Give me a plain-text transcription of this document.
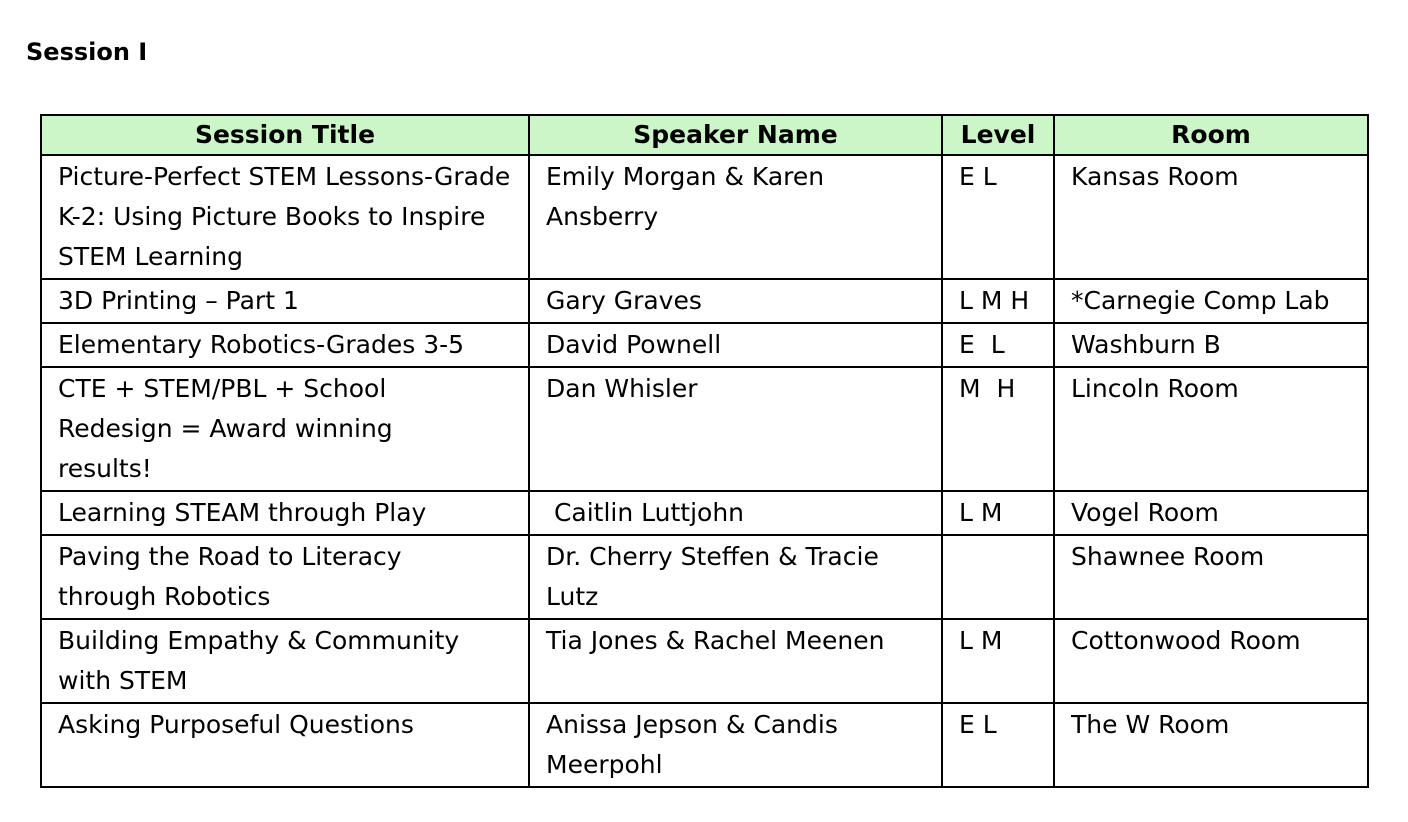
Session I
Session Title	Speaker Name	Level	Room
Picture-Perfect STEM Lessons-Grade K-2: Using Picture Books to Inspire STEM Learning	Emily Morgan & Karen Ansberry	E L	Kansas Room
3D Printing – Part 1	Gary Graves	L M H	*Carnegie Comp Lab
Elementary Robotics-Grades 3-5	David Pownell	E  L	Washburn B
CTE + STEM/PBL + School Redesign = Award winning results!	Dan Whisler	M  H	Lincoln Room
Learning STEAM through Play	Caitlin Luttjohn	L M	Vogel Room
Paving the Road to Literacy through Robotics	Dr. Cherry Steffen & Tracie Lutz		Shawnee Room
Building Empathy & Community with STEM	Tia Jones & Rachel Meenen	L M	Cottonwood Room
Asking Purposeful Questions	Anissa Jepson & Candis Meerpohl	E L	The W Room
